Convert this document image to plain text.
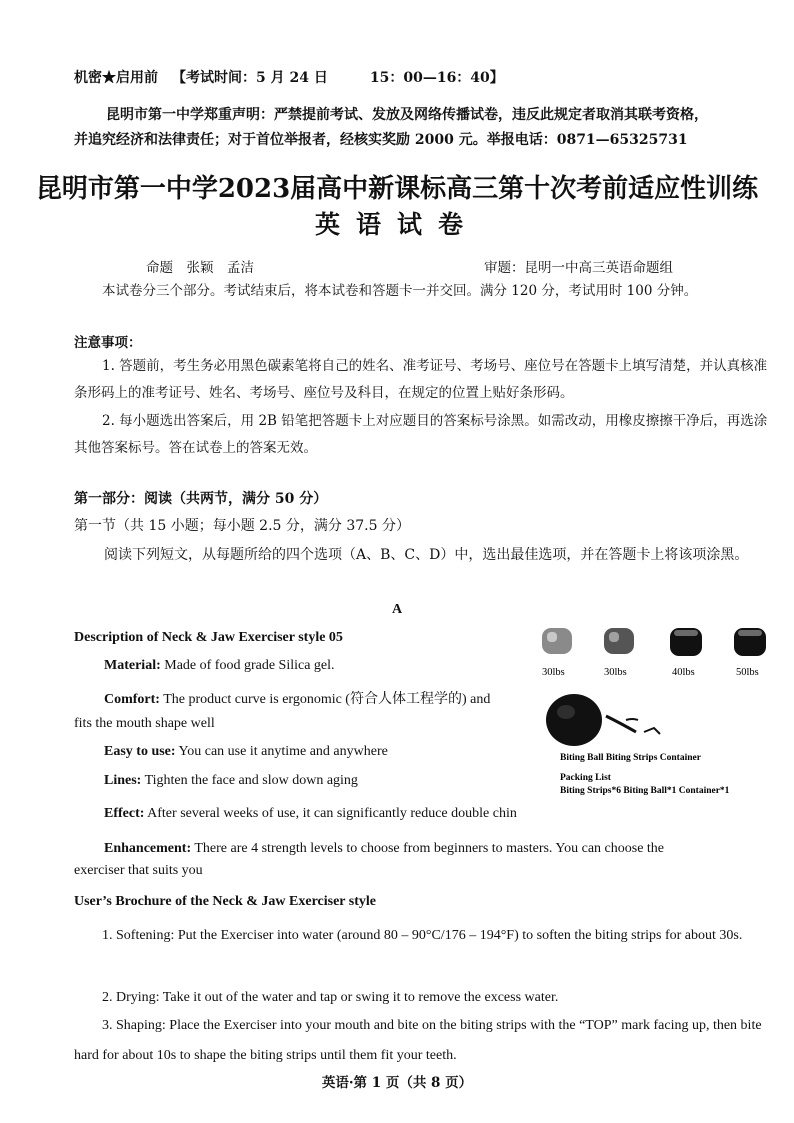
机密★启用前 【考试时间：5 月 24 日	15：00—16：40】
昆明市第一中学郑重声明：严禁提前考试、发放及网络传播试卷，违反此规定者取消其联考资格，
并追究经济和法律责任；对于首位举报者，经核实奖励 2000 元。举报电话：0871—65325731
昆明市第一中学2023届高中新课标高三第十次考前适应性训练
英语试卷
命题　张颖　孟洁	审题：昆明一中高三英语命题组
本试卷分三个部分。考试结束后，将本试卷和答题卡一并交回。满分 120 分，考试用时 100 分钟。
注意事项：
1. 答题前，考生务必用黑色碳素笔将自己的姓名、准考证号、考场号、座位号在答题卡上填写清楚，并认真核准条形码上的准考证号、姓名、考场号、座位号及科目，在规定的位置上贴好条形码。
2. 每小题选出答案后，用 2B 铅笔把答题卡上对应题目的答案标号涂黑。如需改动，用橡皮擦擦干净后，再选涂其他答案标号。答在试卷上的答案无效。
第一部分：阅读（共两节，满分 50 分）
第一节（共 15 小题；每小题 2.5 分，满分 37.5 分）
阅读下列短文，从每题所给的四个选项（A、B、C、D）中，选出最佳选项，并在答题卡上将该项涂黑。
A
Description of Neck & Jaw Exerciser style 05
Material: Made of food grade Silica gel.
Comfort: The product curve is ergonomic (符合人体工程学的) and
fits the mouth shape well
Easy to use: You can use it anytime and anywhere
Lines: Tighten the face and slow down aging
Effect: After several weeks of use, it can significantly reduce double chin
Enhancement: There are 4 strength levels to choose from beginners to masters. You can choose the
exerciser that suits you
30lbs	30lbs	40lbs	50lbs
Biting Ball Biting Strips Container
Packing List
Biting Strips*6 Biting Ball*1 Container*1
User’s Brochure of the Neck & Jaw Exerciser style
1. Softening: Put the Exerciser into water (around 80 – 90°C/176 – 194°F) to soften the biting strips for about 30s.
2. Drying: Take it out of the water and tap or swing it to remove the excess water.
3. Shaping: Place the Exerciser into your mouth and bite on the biting strips with the “TOP” mark facing up, then bite hard for about 10s to shape the biting strips until them fit your teeth.
英语·第 1 页（共 8 页）
